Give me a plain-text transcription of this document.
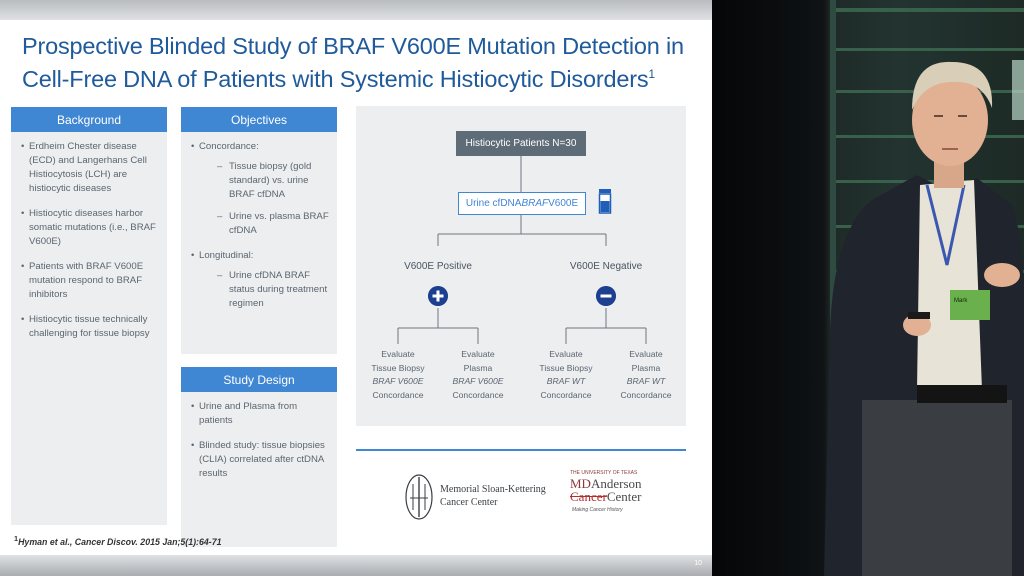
Prospective Blinded Study of BRAF V600E Mutation Detection in
Cell-Free DNA of Patients with Systemic Histiocytic Disorders$^1$
Background
• Erdheim Chester disease (ECD) and Langerhans Cell Histiocytosis (LCH) are histiocytic diseases
• Histiocytic diseases harbor somatic mutations (i.e., BRAF V600E)
• Patients with BRAF V600E mutation respond to BRAF inhibitors
• Histiocytic tissue technically challenging for tissue biopsy
Objectives
• Concordance:
– Tissue biopsy (gold standard) vs. urine BRAF cfDNA
– Urine vs. plasma BRAF cfDNA
• Longitudinal:
– Urine cfDNA BRAF status during treatment regimen
Study Design
• Urine and Plasma from patients
• Blinded study: tissue biopsies (CLIA) correlated after ctDNA results
Histiocytic Patients N=30
Urine cfDNA BRAF V600E
V600E Positive	V600E Negative
Evaluate
Tissue Biopsy
BRAF V600E
Concordance
Evaluate
Plasma
BRAF V600E
Concordance
Evaluate
Tissue Biopsy
BRAF WT
Concordance
Evaluate
Plasma
BRAF WT
Concordance
Memorial Sloan-Kettering
Cancer Center
THE UNIVERSITY OF TEXAS
MDAnderson
CancerCenter
Making Cancer History
$^1$Hyman et al., Cancer Discov. 2015 Jan;5(1):64-71
10
Mark
